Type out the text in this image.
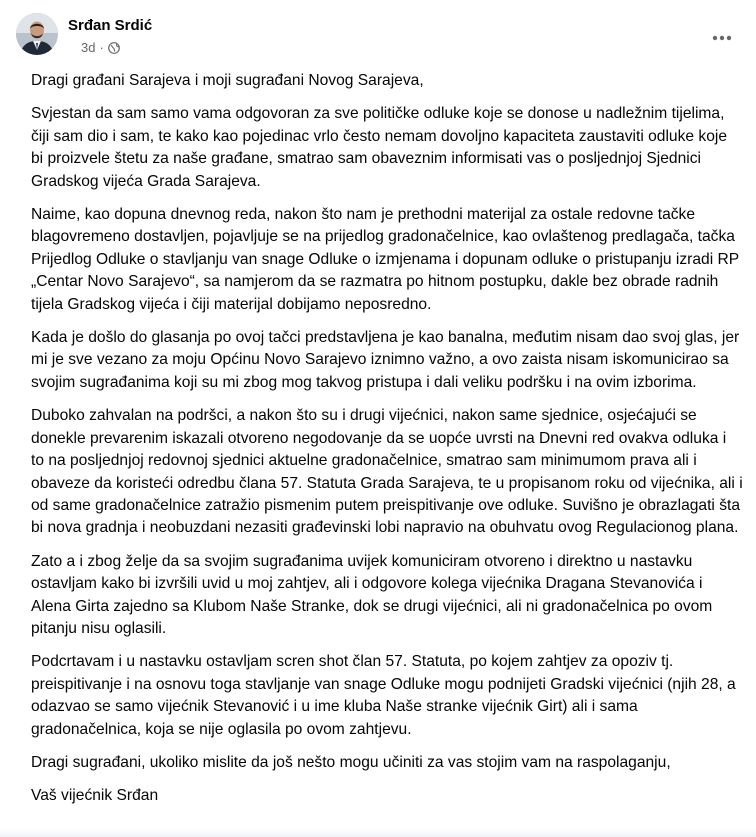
Srđan Srdić
3d ·

Dragi građani Sarajeva i moji sugrađani Novog Sarajeva,

Svjestan da sam samo vama odgovoran za sve političke odluke koje se donose u nadležnim tijelima, čiji sam dio i sam, te kako kao pojedinac vrlo često nemam dovoljno kapaciteta zaustaviti odluke koje bi proizvele štetu za naše građane, smatrao sam obaveznim informisati vas o posljednjoj Sjednici Gradskog vijeća Grada Sarajeva.

Naime, kao dopuna dnevnog reda, nakon što nam je prethodni materijal za ostale redovne tačke blagovremeno dostavljen, pojavljuje se na prijedlog gradonačelnice, kao ovlaštenog predlagača, tačka Prijedlog Odluke o stavljanju van snage Odluke o izmjenama i dopunam odluke o pristupanju izradi RP „Centar Novo Sarajevo“, sa namjerom da se razmatra po hitnom postupku, dakle bez obrade radnih tijela Gradskog vijeća i čiji materijal dobijamo neposredno.

Kada je došlo do glasanja po ovoj tačci predstavljena je kao banalna, međutim nisam dao svoj glas, jer mi je sve vezano za moju Općinu Novo Sarajevo iznimno važno, a ovo zaista nisam iskomunicirao sa svojim sugrađanima koji su mi zbog mog takvog pristupa i dali veliku podršku i na ovim izborima.

Duboko zahvalan na podršci, a nakon što su i drugi vijećnici, nakon same sjednice, osjećajući se donekle prevarenim iskazali otvoreno negodovanje da se uopće uvrsti na Dnevni red ovakva odluka i to na posljednjoj redovnoj sjednici aktuelne gradonačelnice, smatrao sam minimumom prava ali i obaveze da koristeći odredbu člana 57. Statuta Grada Sarajeva, te u propisanom roku od vijećnika, ali i od same gradonačelnice zatražio pismenim putem preispitivanje ove odluke. Suvišno je obrazlagati šta bi nova gradnja i neobuzdani nezasiti građevinski lobi napravio na obuhvatu ovog Regulacionog plana.

Zato a i zbog želje da sa svojim sugrađanima uvijek komuniciram otvoreno i direktno u nastavku ostavljam kako bi izvršili uvid u moj zahtjev, ali i odgovore kolega vijećnika Dragana Stevanovića i Alena Girta zajedno sa Klubom Naše Stranke, dok se drugi vijećnici, ali ni gradonačelnica po ovom pitanju nisu oglasili.

Podcrtavam i u nastavku ostavljam scren shot član 57. Statuta, po kojem zahtjev za opoziv tj. preispitivanje i na osnovu toga stavljanje van snage Odluke mogu podnijeti Gradski vijećnici (njih 28, a odazvao se samo vijećnik Stevanović i u ime kluba Naše stranke vijećnik Girt) ali i sama gradonačelnica, koja se nije oglasila po ovom zahtjevu.

Dragi sugrađani, ukoliko mislite da još nešto mogu učiniti za vas stojim vam na raspolaganju,

Vaš vijećnik Srđan
